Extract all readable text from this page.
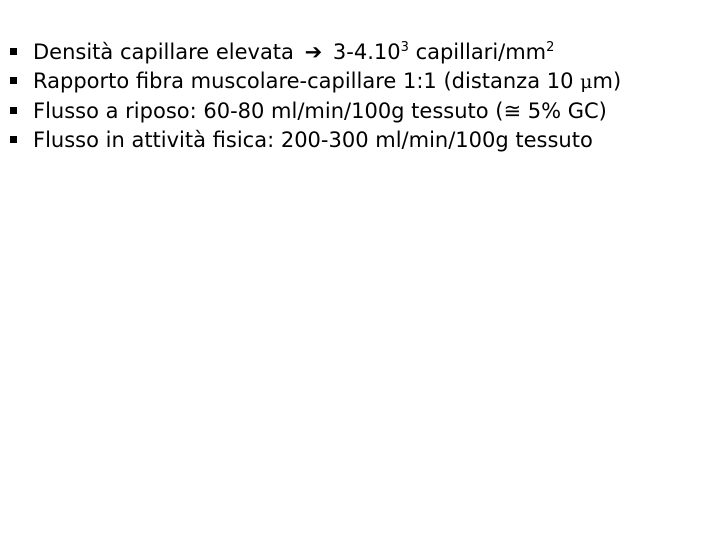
Densità capillare elevata ➔ 3-4.10$^3$ capillari/$mm^2$
Rapporto fibra muscolare-capillare 1:1 (distanza 10 μm)
Flusso a riposo: 60-80 ml/min/100g tessuto (≅ 5% GC)
Flusso in attività fisica: 200-300 ml/min/100g tessuto
